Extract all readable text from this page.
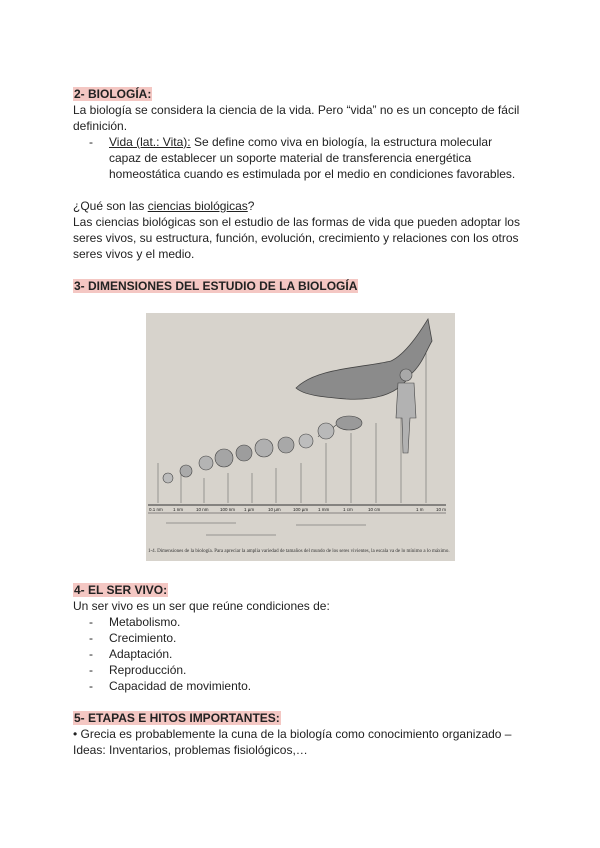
2- BIOLOGÍA:
La biología se considera la ciencia de la vida. Pero “vida” no es un concepto de fácil
definición.
- Vida (lat.: Vita): Se define como viva en biología, la estructura molecular
capaz de establecer un soporte material de transferencia energética
homeostática cuando es estimulada por el medio en condiciones favorables.
¿Qué son las ciencias biológicas?
Las ciencias biológicas son el estudio de las formas de vida que pueden adoptar los
seres vivos, su estructura, función, evolución, crecimiento y relaciones con los otros
seres vivos y el medio.
3- DIMENSIONES DEL ESTUDIO DE LA BIOLOGÍA
0.1 nm 1 nm	10 nm	100 nm 1 µm	10 µm	100 µm 1 mm	1 cm	10 cm	1 m	10 m
1-4. Dimensiones de la biología. Para apreciar la amplia variedad de tamaños del mundo de los seres vivientes, la escala va de lo mínimo a lo máximo.
4- EL SER VIVO:
Un ser vivo es un ser que reúne condiciones de:
- Metabolismo.
- Crecimiento.
- Adaptación.
- Reproducción.
- Capacidad de movimiento.
5- ETAPAS E HITOS IMPORTANTES:
• Grecia es probablemente la cuna de la biología como conocimiento organizado –
Ideas: Inventarios, problemas fisiológicos,…
